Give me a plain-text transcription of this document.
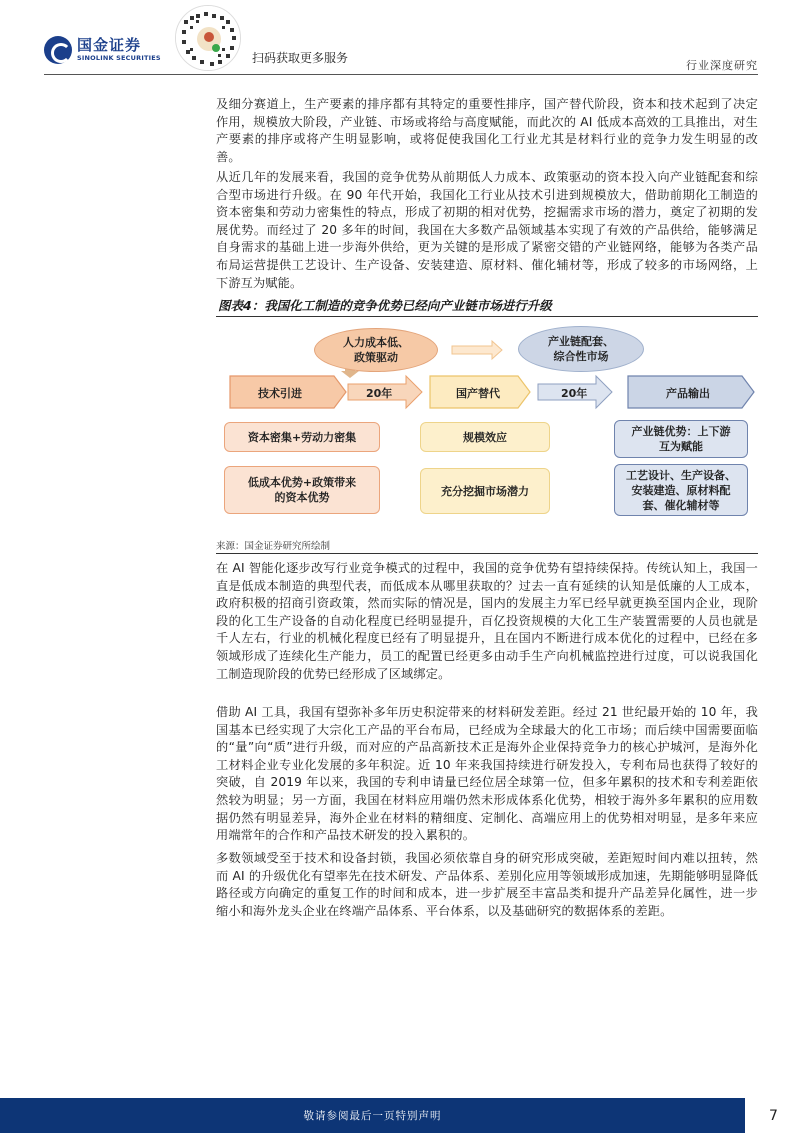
国金证券
SINOLINK SECURITIES	扫码获取更多服务
行业深度研究
及细分赛道上，生产要素的排序都有其特定的重要性排序，国产替代阶段，资本和技术起到了决定作用，规模放大阶段，产业链、市场或将给与高度赋能，而此次的 AI 低成本高效的工具推出，对生产要素的排序或将产生明显影响，或将促使我国化工行业尤其是材料行业的竞争力发生明显的改善。
从近几年的发展来看，我国的竞争优势从前期低人力成本、政策驱动的资本投入向产业链配套和综合型市场进行升级。在 90 年代开始，我国化工行业从技术引进到规模放大，借助前期化工制造的资本密集和劳动力密集性的特点，形成了初期的相对优势，挖掘需求市场的潜力，奠定了初期的发展优势。而经过了 20 多年的时间，我国在大多数产品领域基本实现了有效的产品供给，能够满足自身需求的基础上进一步海外供给，更为关键的是形成了紧密交错的产业链网络，能够为各类产品布局运营提供工艺设计、生产设备、安装建造、原材料、催化辅材等，形成了较多的市场网络，上下游互为赋能。
图表4：我国化工制造的竞争优势已经向产业链市场进行升级
人力成本低、
政策驱动
产业链配套、
综合性市场
技术引进	20年	国产替代	20年	产品输出
资本密集+劳动力密集
低成本优势+政策带来
的资本优势
规模效应
充分挖掘市场潜力
产业链优势：上下游
互为赋能
工艺设计、生产设备、
安装建造、原材料配
套、催化辅材等
来源：国金证券研究所绘制
在 AI 智能化逐步改写行业竞争模式的过程中，我国的竞争优势有望持续保持。传统认知上，我国一直是低成本制造的典型代表，而低成本从哪里获取的？过去一直有延续的认知是低廉的人工成本，政府积极的招商引资政策，然而实际的情况是，国内的发展主力军已经早就更换至国内企业，现阶段的化工生产设备的自动化程度已经明显提升，百亿投资规模的大化工生产装置需要的人员也就是千人左右，行业的机械化程度已经有了明显提升，且在国内不断进行成本优化的过程中，已经在多领域形成了连续化生产能力，员工的配置已经更多由动手生产向机械监控进行过度，可以说我国化工制造现阶段的优势已经形成了区域绑定。
借助 AI 工具，我国有望弥补多年历史积淀带来的材料研发差距。经过 21 世纪最开始的 10 年，我国基本已经实现了大宗化工产品的平台布局，已经成为全球最大的化工市场；而后续中国需要面临的“量”向“质”进行升级，而对应的产品高新技术正是海外企业保持竞争力的核心护城河，是海外化工材料企业专业化发展的多年积淀。近 10 年来我国持续进行研发投入，专利布局也获得了较好的突破，自 2019 年以来，我国的专利申请量已经位居全球第一位，但多年累积的技术和专利差距依然较为明显；另一方面，我国在材料应用端仍然未形成体系化优势，相较于海外多年累积的应用数据仍然有明显差异，海外企业在材料的精细度、定制化、高端应用上的优势相对明显，是多年来应用端常年的合作和产品技术研发的投入累积的。
多数领域受至于技术和设备封锁，我国必须依靠自身的研究形成突破，差距短时间内难以扭转，然而 AI 的升级优化有望率先在技术研发、产品体系、差别化应用等领域形成加速，先期能够明显降低路径或方向确定的重复工作的时间和成本，进一步扩展至丰富品类和提升产品差异化属性，进一步缩小和海外龙头企业在终端产品体系、平台体系，以及基础研究的数据体系的差距。
敬请参阅最后一页特别声明	7
